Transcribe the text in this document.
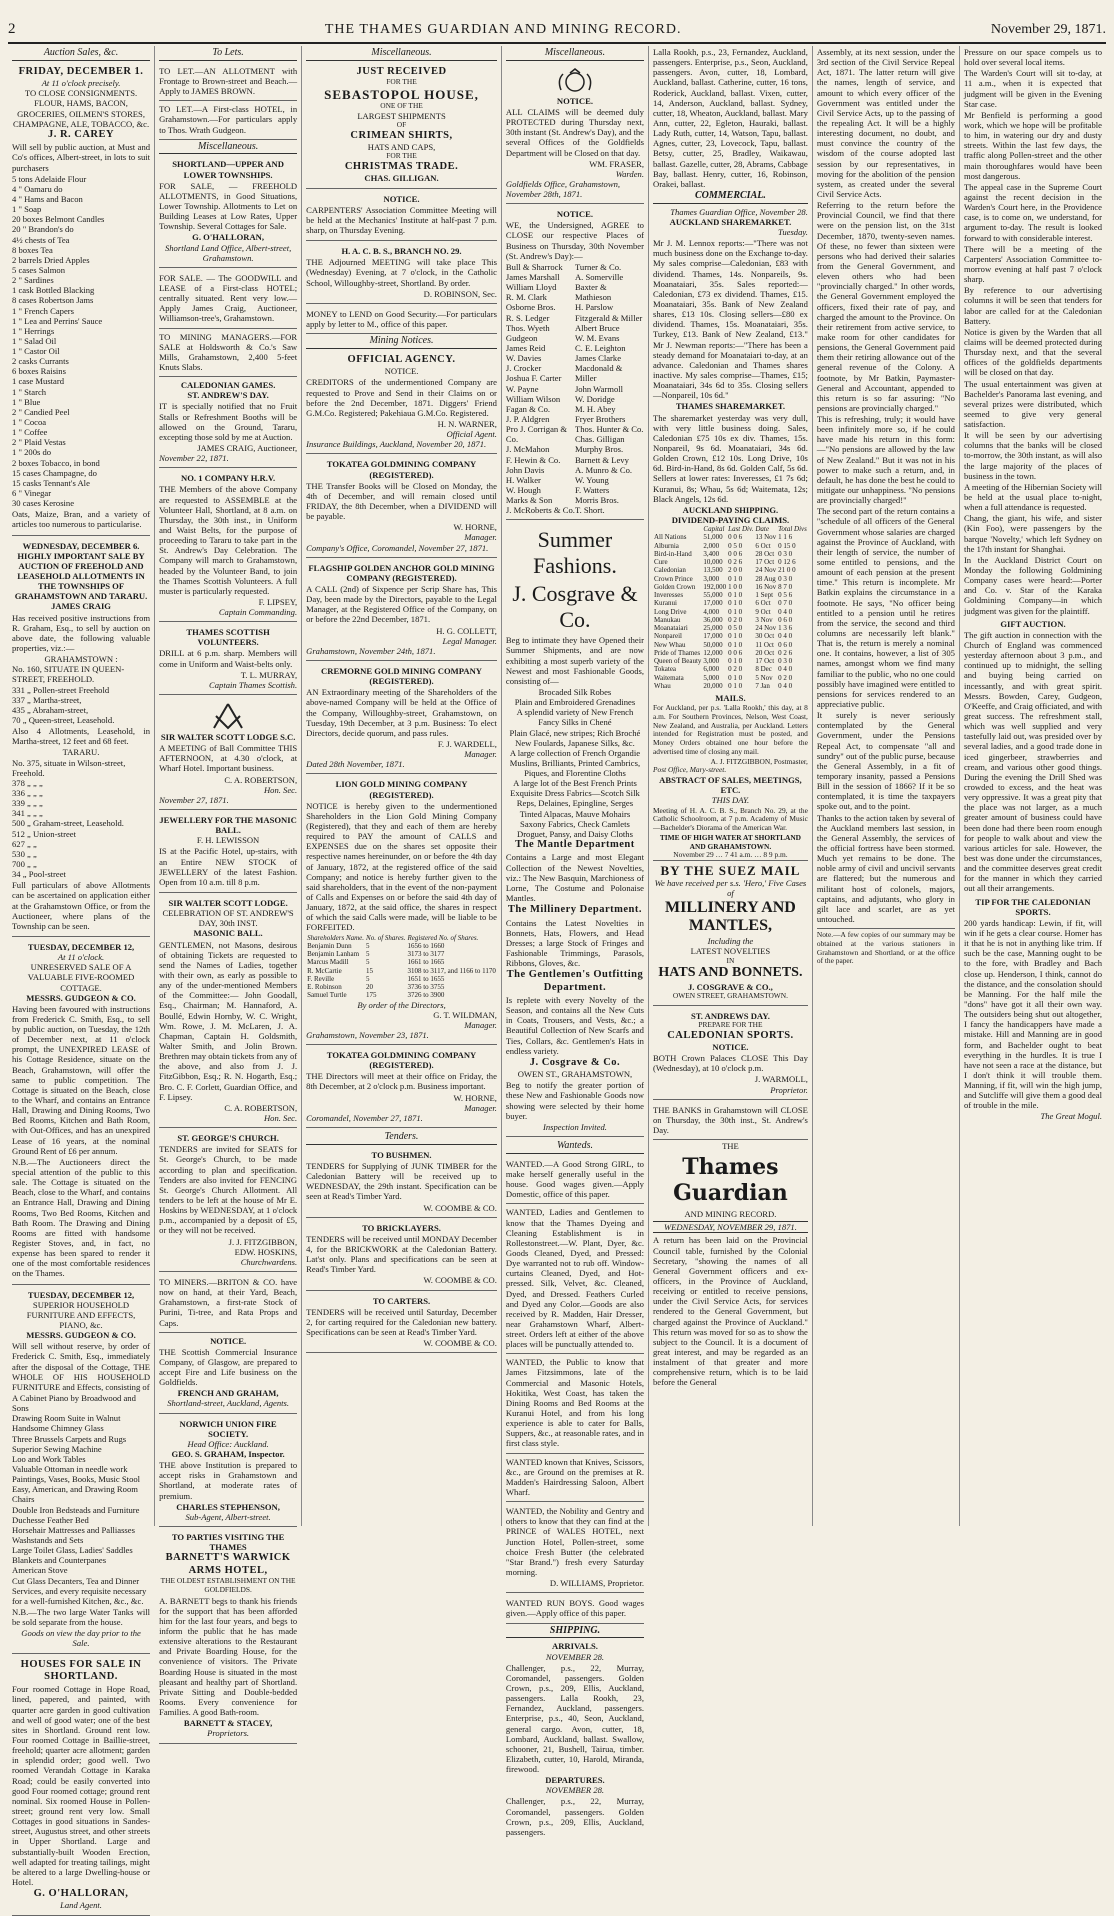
2	THE THAMES GUARDIAN AND MINING RECORD.	November 29, 1871.
Auction Sales, &c.
FRIDAY, DECEMBER 1.
At 11 o'clock precisely.
TO CLOSE CONSIGNMENTS.
FLOUR, HAMS, BACON, GROCERIES, OILMEN'S STORES, CHAMPAGNE, ALE, TOBACCO, &c.
J. R. CAREY
Will sell by public auction, at Must and Co's offices, Albert-street, in lots to suit purchasers
5 tons Adelaide Flour
4 " Oamaru do
4 " Hams and Bacon
1 " Soap
20 boxes Belmont Candles
20 " Brandon's do
4½ chests of Tea
8 boxes Tea
2 barrels Dried Apples
5 cases Salmon
2 " Sardines
1 cask Bottled Blacking
8 cases Robertson Jams
1 " French Capers
1 " Lea and Perrins' Sauce
1 " Herrings
1 " Salad Oil
1 " Castor Oil
2 casks Currants
6 boxes Raisins
1 case Mustard
1 " Starch
1 " Blue
2 " Candied Peel
1 " Cocoa
1 " Coffee
2 " Plaid Vestas
1 " 200s do
2 boxes Tobacco, in bond
15 cases Champagne, do
15 casks Tennant's Ale
6 " Vinegar
30 cases Kerosine
Oats, Maize, Bran, and a variety of articles too numerous to particularise.
WEDNESDAY, DECEMBER 6.
HIGHLY IMPORTANT SALE BY AUCTION OF FREEHOLD AND LEASEHOLD ALLOTMENTS IN THE TOWNSHIPS OF GRAHAMSTOWN AND TARARU.
JAMES CRAIG
Has received positive instructions from R. Graham, Esq., to sell by auction on above date, the following valuable properties, viz.:—
GRAHAMSTOWN :
No. 160, SITUATE IN QUEEN-STREET, FREEHOLD.
331 „ Pollen-street Freehold
337 „ Martha-street,
435 „ Abraham-street,
70 „ Queen-street, Leasehold.
Also 4 Allotments, Leasehold, in Martha-street, 12 feet and 68 feet.
TARARU.
No. 375, situate in Wilson-street, Freehold.
378 „ „ „
336 „ „ „
339 „ „ „
341 „ „ „
500 „ Graham-street, Leasehold.
512 „ Union-street
627 „ „
530 „ „
700 „ „
34 „ Pool-street
Full particulars of above Allotments can be ascertained on application either at the Grahamstown Office, or from the Auctioneer, where plans of the Township can be seen.
TUESDAY, DECEMBER 12,
At 11 o'clock.
UNRESERVED SALE OF A VALUABLE FIVE-ROOMED COTTAGE.
MESSRS. GUDGEON & CO.
Having been favoured with instructions from Frederick C. Smith, Esq., to sell by public auction, on Tuesday, the 12th of December next, at 11 o'clock prompt, the UNEXPIRED LEASE of his Cottage Residence, situate on the Beach, Grahamstown, will offer the same to public competition. The Cottage is situated on the Beach, close to the Wharf, and contains an Entrance Hall, Drawing and Dining Rooms, Two Bed Rooms, Kitchen and Bath Room, with Out-Offices, and has an unexpired Lease of 16 years, at the nominal Ground Rent of £6 per annum.
N.B.—The Auctioneers direct the special attention of the public to this sale. The Cottage is situated on the Beach, close to the Wharf, and contains an Entrance Hall, Drawing and Dining Rooms, Two Bed Rooms, Kitchen and Bath Room. The Drawing and Dining Rooms are fitted with handsome Register Stoves, and, in fact, no expense has been spared to render it one of the most comfortable residences on the Thames.
TUESDAY, DECEMBER 12,
SUPERIOR HOUSEHOLD FURNITURE AND EFFECTS, PIANO, &c.
MESSRS. GUDGEON & CO.
Will sell without reserve, by order of Frederick C. Smith, Esq., immediately after the disposal of the Cottage, THE WHOLE OF HIS HOUSEHOLD FURNITURE and Effects, consisting of
A Cabinet Piano by Broadwood and Sons
Drawing Room Suite in Walnut
Handsome Chimney Glass
Three Brussels Carpets and Rugs
Superior Sewing Machine
Loo and Work Tables
Valuable Ottoman in needle work
Paintings, Vases, Books, Music Stool
Easy, American, and Drawing Room Chairs
Double Iron Bedsteads and Furniture
Duchesse Feather Bed
Horsehair Mattresses and Palliasses
Washstands and Sets
Large Toilet Glass, Ladies' Saddles
Blankets and Counterpanes
American Stove
Cut Glass Decanters, Tea and Dinner Services, and every requisite necessary for a well-furnished Kitchen, &c., &c.
N.B.—The two large Water Tanks will be sold separate from the house.
Goods on view the day prior to the Sale.
HOUSES FOR SALE IN SHORTLAND.
Four roomed Cottage in Hope Road, lined, papered, and painted, with quarter acre garden in good cultivation and well of good water; one of the best sites in Shortland. Ground rent low. Four roomed Cottage in Baillie-street, freehold; quarter acre allotment; garden in splendid order; good well. Two roomed Verandah Cottage in Karaka Road; could be easily converted into good Four roomed cottage; ground rent nominal. Six roomed House in Pollen-street; ground rent very low. Small Cottages in good situations in Sandes-street, Augustus street, and other streets in Upper Shortland. Large and substantially-built Wooden Erection, well adapted for treating tailings, might be altered to a large Dwelling-house or Hotel.
G. O'HALLORAN,
Land Agent.
To Lets.
TO LET.—AN ALLOTMENT with Frontage to Brown-street and Beach.—Apply to JAMES BROWN.
TO LET.—A First-class HOTEL, in Grahamstown.—For particulars apply to Thos. Wrath Gudgeon.
Miscellaneous.
SHORTLAND—UPPER AND LOWER TOWNSHIPS.
FOR SALE, — FREEHOLD ALLOTMENTS, in Good Situations, Lower Township. Allotments to Let on Building Leases at Low Rates, Upper Township. Several Cottages for Sale.
G. O'HALLORAN,
Shortland Land Office, Albert-street, Grahamstown.
FOR SALE. — The GOODWILL and LEASE of a First-class HOTEL; centrally situated. Rent very low.—Apply James Craig, Auctioneer, Williamson-tree's, Grahamstown.
TO MINING MANAGERS.—FOR SALE at Holdsworth & Co.'s Saw Mills, Grahamstown, 2,400 5-feet Knuts Slabs.
CALEDONIAN GAMES.
ST. ANDREW'S DAY.
IT is specially notified that no Fruit Stalls or Refreshment Booths will be allowed on the Ground, Tararu, excepting those sold by me at Auction.
JAMES CRAIG, Auctioneer,
November 22, 1871.
NO. 1 COMPANY H.R.V.
THE Members of the above Company are requested to ASSEMBLE at the Volunteer Hall, Shortland, at 8 a.m. on Thursday, the 30th inst., in Uniform and Waist Belts, for the purpose of proceeding to Tararu to take part in the St. Andrew's Day Celebration. The Company will march to Grahamstown, headed by the Volunteer Band, to join the Thames Scottish Volunteers. A full muster is particularly requested.
F. LIPSEY,
Captain Commanding.
THAMES SCOTTISH VOLUNTEERS.
DRILL at 6 p.m. sharp. Members will come in Uniform and Waist-belts only.
T. L. MURRAY,
Captain Thames Scottish.
SIR WALTER SCOTT LODGE S.C.
A MEETING of Ball Committee THIS AFTERNOON, at 4.30 o'clock, at Wharf Hotel. Important business.
C. A. ROBERTSON,
Hon. Sec.
November 27, 1871.
JEWELLERY FOR THE MASONIC BALL.
F. H. LEWISSON
IS at the Pacific Hotel, up-stairs, with an Entire NEW STOCK of JEWELLERY of the latest Fashion. Open from 10 a.m. till 8 p.m.
SIR WALTER SCOTT LODGE.
CELEBRATION OF ST. ANDREW'S DAY, 30th INST.
MASONIC BALL.
GENTLEMEN, not Masons, desirous of obtaining Tickets are requested to send the Names of Ladies, together with their own, as early as possible to any of the under-mentioned Members of the Committee:— John Goodall, Esq., Chairman; M. Hannaford, A. Boullé, Edwin Hornby, W. C. Wright, Wm. Rowe, J. M. McLaren, J. A. Chapman, Captain H. Goldsmith, Walter Smith, and Jolin Brown. Brethren may obtain tickets from any of the above, and also from J. J. FitzGibbon, Esq.; R. N. Hogarth, Esq.; Bro. C. F. Corlett, Guardian Office, and F. Lipsey.
C. A. ROBERTSON,
Hon. Sec.
ST. GEORGE'S CHURCH.
TENDERS are invited for SEATS for St. George's Church, to be made according to plan and specification. Tenders are also invited for FENCING St. George's Church Allotment. All tenders to be left at the house of Mr E. Hoskins by WEDNESDAY, at 1 o'clock p.m., accompanied by a deposit of £5, or they will not be received.
J. J. FITZGIBBON,
EDW. HOSKINS,
Churchwardens.
TO MINERS.—BRITON & CO. have now on hand, at their Yard, Beach, Grahamstown, a first-rate Stock of Purini, Ti-tree, and Rata Props and Caps.
NOTICE.
THE Scottish Commercial Insurance Company, of Glasgow, are prepared to accept Fire and Life business on the Goldfields.
FRENCH AND GRAHAM,
Shortland-street, Auckland, Agents.
NORWICH UNION FIRE SOCIETY.
Head Office: Auckland.
GEO. S. GRAHAM, Inspector.
THE above Institution is prepared to accept risks in Grahamstown and Shortland, at moderate rates of premium.
CHARLES STEPHENSON,
Sub-Agent, Albert-street.
TO PARTIES VISITING THE THAMES
BARNETT'S WARWICK ARMS HOTEL,
THE OLDEST ESTABLISHMENT ON THE GOLDFIELDS.
A. BARNETT begs to thank his friends for the support that has been afforded him for the last four years, and begs to inform the public that he has made extensive alterations to the Restaurant and Private Boarding House, for the convenience of visitors. The Private Boarding House is situated in the most pleasant and healthy part of Shortland. Private Sitting and Double-bedded Rooms. Every convenience for Families. A good Bath-room.
BARNETT & STACEY,
Proprietors.
Miscellaneous.
JUST RECEIVED
FOR THE
SEBASTOPOL HOUSE,
ONE OF THE
LARGEST SHIPMENTS
OF
CRIMEAN SHIRTS,
HATS AND CAPS,
FOR THE
CHRISTMAS TRADE.
CHAS. GILLIGAN.
NOTICE.
CARPENTERS' Association Committee Meeting will be held at the Mechanics' Institute at half-past 7 p.m. sharp, on Thursday Evening.
H. A. C. B. S., BRANCH NO. 29.
THE Adjourned MEETING will take place This (Wednesday) Evening, at 7 o'clock, in the Catholic School, Willoughby-street, Shortland. By order.
D. ROBINSON, Sec.
MONEY to LEND on Good Security.—For particulars apply by letter to M., office of this paper.
Mining Notices.
OFFICIAL AGENCY.
NOTICE.
CREDITORS of the undermentioned Company are requested to Prove and Send in their Claims on or before the 2nd December, 1871. Diggers' Friend G.M.Co. Registered; Pakehiaua G.M.Co. Registered.
H. N. WARNER,
Official Agent.
Insurance Buildings, Auckland, November 20, 1871.
TOKATEA GOLDMINING COMPANY (REGISTERED).
THE Transfer Books will be Closed on Monday, the 4th of December, and will remain closed until FRIDAY, the 8th December, when a DIVIDEND will be payable.
W. HORNE,
Manager.
Company's Office, Coromandel, November 27, 1871.
FLAGSHIP GOLDEN ANCHOR GOLD MINING COMPANY (REGISTERED).
A CALL (2nd) of Sixpence per Scrip Share has, This Day, been made by the Directors, payable to the Legal Manager, at the Registered Office of the Company, on or before the 22nd December, 1871.
H. G. COLLETT,
Legal Manager.
Grahamstown, November 24th, 1871.
CREMORNE GOLD MINING COMPANY (REGISTERED).
AN Extraordinary meeting of the Shareholders of the above-named Company will be held at the Office of the Company, Willoughby-street, Grahamstown, on Tuesday, 19th December, at 3 p.m. Business: To elect Directors, decide quorum, and pass rules.
F. J. WARDELL,
Manager.
Dated 28th November, 1871.
LION GOLD MINING COMPANY (REGISTERED).
NOTICE is hereby given to the undermentioned Shareholders in the Lion Gold Mining Company (Registered), that they and each of them are hereby required to PAY the amount of CALLS and EXPENSES due on the shares set opposite their respective names hereinunder, on or before the 4th day of January, 1872, at the registered office of the said Company; and notice is hereby further given to the said shareholders, that in the event of the non-payment of Calls and Expenses on or before the said 4th day of January, 1872, at the said office, the shares in respect of which the said Calls were made, will be liable to be FORFEITED.
Shareholders Name.	No. of Shares.	Registered No. of Shares.
Benjamin Dunn	5	1656 to 1660
Benjamin Lanham	5	3173 to 3177
Marcus Madill	5	1661 to 1665
R. McCartie	15	3108 to 3117, and 1166 to 1170
F. Reville	5	1651 to 1655
E. Robinson	20	3736 to 3755
Samuel Turtle	175	3726 to 3900
By order of the Directors,
G. T. WILDMAN,
Manager.
Grahamstown, November 23, 1871.
TOKATEA GOLDMINING COMPANY (REGISTERED).
THE Directors will meet at their office on Friday, the 8th December, at 2 o'clock p.m. Business important.
W. HORNE,
Manager.
Coromandel, November 27, 1871.
Tenders.
TO BUSHMEN.
TENDERS for Supplying of JUNK TIMBER for the Caledonian Battery will be received up to WEDNESDAY, the 29th instant. Specification can be seen at Read's Timber Yard.
W. COOMBE & CO.
TO BRICKLAYERS.
TENDERS will be received until MONDAY December 4, for the BRICKWORK at the Caledonian Battery. Lat'st only. Plans and specifications can be seen at Read's Timber Yard.
W. COOMBE & CO.
TO CARTERS.
TENDERS will be received until Saturday, December 2, for carting required for the Caledonian new battery. Specifications can be seen at Read's Timber Yard.
W. COOMBE & CO.
Miscellaneous.
NOTICE.
ALL CLAIMS will be deemed duly PROTECTED during Thursday next, 30th instant (St. Andrew's Day), and the several Offices of the Goldfields Department will be Closed on that day.
WM. FRASER,
Warden.
Goldfields Office, Grahamstown, November 28th, 1871.
NOTICE.
WE, the Undersigned, AGREE to CLOSE our respective Places of Business on Thursday, 30th November (St. Andrew's Day):—
Bull & Sharrock
James Marshall
William Lloyd
R. M. Clark
Osborne Bros.
R. S. Ledger
Thos. Wyeth Gudgeon
James Reid
W. Davies
J. Crocker
Joshua F. Carter
W. Payne
William Wilson
Fagan & Co.
J. P. Aldgren
Pro J. Corrigan & Co.
J. McMahon
F. Hewin & Co.
John Davis
H. Walker
W. Hough
Marks & Son
J. McRoberts & Co.
Turner & Co.
A. Somerville
Baxter & Mathieson
H. Parslow
Fitzgerald & Miller
Albert Bruce
W. M. Evans
C. E. Leighton
James Clarke
Macdonald & Miller
John Warmoll
W. Doridge
M. H. Abey
Fryer Brothers
Thos. Hunter & Co.
Chas. Gilligan
Murphy Bros.
Barnett & Levy
A. Munro & Co.
W. Young
F. Watters
Morris Bros.
T. Short.
Summer Fashions.
J. Cosgrave & Co.
Beg to intimate they have Opened their Summer Shipments, and are now exhibiting a most superb variety of the Newest and most Fashionable Goods, consisting of—
Brocaded Silk Robes
Plain and Embroidered Grenadines
A splendid variety of New French Fancy Silks in Chené
Plain Glacé, new stripes; Rich Broché
New Foulards, Japanese Silks, &c.
A large collection of French Organdie Muslins, Brilliants, Printed Cambrics, Piques, and Florentine Cloths
A large lot of the Best French Prints
Exquisite Dress Fabrics—Scotch Silk Reps, Delaines, Epingline, Serges
Tinted Alpacas, Mauve Mohairs
Saxony Fabrics, Check Camlets
Droguet, Pansy, and Daisy Cloths
The Mantle Department
Contains a Large and most Elegant Collection of the Newest Novelties, viz.: The New Basquin, Marchioness of Lorne, The Costume and Polonaise Mantles.
The Millinery Department.
Contains the Latest Novelties in Bonnets, Hats, Flowers, and Head Dresses; a large Stock of Fringes and Fashionable Trimmings, Parasols, Ribbons, Gloves, &c.
The Gentlemen's Outfitting Department.
Is replete with every Novelty of the Season, and contains all the New Cuts in Coats, Trousers, and Vests, &c.; a Beautiful Collection of New Scarfs and Ties, Collars, &c. Gentlemen's Hats in endless variety.
J. Cosgrave & Co.
OWEN ST., GRAHAMSTOWN,
Beg to notify the greater portion of these New and Fashionable Goods now showing were selected by their home buyer.
Inspection Invited.
Wanteds.
WANTED.—A Good Strong GIRL, to make herself generally useful in the house. Good wages given.—Apply Domestic, office of this paper.
WANTED, Ladies and Gentlemen to know that the Thames Dyeing and Cleaning Establishment is in Rollestonstreet.—W. Plant, Dyer, &c. Goods Cleaned, Dyed, and Pressed: Dye warranted not to rub off. Window-curtains Cleaned, Dyed, and Hot-pressed. Silk, Velvet, &c. Cleaned, Dyed, and Dressed. Feathers Curled and Dyed any Color.—Goods are also received by R. Madden, Hair Dresser, near Grahamstown Wharf, Albert-street. Orders left at either of the above places will be punctually attended to.
WANTED, the Public to know that James Fitzsimmons, late of the Commercial and Masonic Hotels, Hokitika, West Coast, has taken the Dining Rooms and Bed Rooms at the Kuranui Hotel, and from his long experience is able to cater for Balls, Suppers, &c., at reasonable rates, and in first class style.
WANTED known that Knives, Scissors, &c., are Ground on the premises at R. Madden's Hairdressing Saloon, Albert Wharf.
WANTED, the Nobility and Gentry and others to know that they can find at the PRINCE of WALES HOTEL, next Junction Hotel, Pollen-street, some choice Fresh Butter (the celebrated "Star Brand.") fresh every Saturday morning.
D. WILLIAMS, Proprietor.
WANTED RUN BOYS. Good wages given.—Apply office of this paper.
SHIPPING.
ARRIVALS.
NOVEMBER 28.
Challenger, p.s., 22, Murray, Coromandel, passengers. Golden Crown, p.s., 209, Ellis, Auckland, passengers. Lalla Rookh, 23, Fernandez, Auckland, passengers. Enterprise, p.s., 40, Seon, Auckland, general cargo. Avon, cutter, 18, Lombard, Auckland, ballast. Swallow, schooner, 21, Bushell, Tairua, timber. Elizabeth, cutter, 10, Harold, Miranda, firewood.
DEPARTURES.
NOVEMBER 28.
Challenger, p.s., 22, Murray, Coromandel, passengers. Golden Crown, p.s., 209, Ellis, Auckland, passengers.
Lalla Rookh, p.s., 23, Fernandez, Auckland, passengers. Enterprise, p.s., Seon, Auckland, passengers. Avon, cutter, 18, Lombard, Auckland, ballast. Catherine, cutter, 16 tons, Roderick, Auckland, ballast. Vixen, cutter, 14, Anderson, Auckland, ballast. Sydney, cutter, 18, Wheaton, Auckland, ballast. Mary Ann, cutter, 22, Egleton, Hauraki, ballast. Lady Ruth, cutter, 14, Watson, Tapu, ballast. Agnes, cutter, 23, Lovecock, Tapu, ballast. Betsy, cutter, 25, Bradley, Waikawau, ballast. Gazelle, cutter, 28, Abrams, Cabbage Bay, ballast. Henry, cutter, 16, Robinson, Orakei, ballast.
COMMERCIAL.
Thames Guardian Office, November 28.
AUCKLAND SHAREMARKET.
Tuesday.
Mr J. M. Lennox reports:—"There was not much business done on the Exchange to-day. My sales comprise—Caledonian, £83 with dividend. Thames, 14s. Nonpareils, 9s. Moanataiari, 35s. Sales reported:— Caledonian, £73 ex dividend. Thames, £15. Moanataiari, 35s. Bank of New Zealand shares, £13 10s. Closing sellers—£80 ex dividend. Thames, 15s. Moanataiari, 35s. Turkey, £13. Bank of New Zealand, £13." Mr J. Newman reports:—"There has been a steady demand for Moanataiari to-day, at an advance. Caledonian and Thames shares inactive. My sales comprise—Thames, £15; Moanataiari, 34s 6d to 35s. Closing sellers—Nonpareil, 10s 6d."
THAMES SHAREMARKET.
The sharemarket yesterday was very dull, with very little business doing. Sales, Caledonian £75 10s ex div. Thames, 15s. Nonpareil, 9s 6d. Moanataiari, 34s 6d. Golden Crown, £12 10s. Long Drive, 10s 6d. Bird-in-Hand, 8s 6d. Golden Calf, 5s 6d. Sellers at lower rates: Inveresses, £1 7s 6d; Kuranui, 8s; Whau, 5s 6d; Waitemata, 12s; Black Angels, 12s 6d.
AUCKLAND SHIPPING.
DIVIDEND-PAYING CLAIMS.
	Capital	Last Div.	Date	Total Divs
All Nations	51,000	0 0 6	13 Nov	1 1 6
Alburnia	2,000	0 5 0	6 Oct	0 15 0
Bird-in-Hand	3,400	0 0 6	28 Oct	0 3 0
Cure	10,000	0 2 6	17 Oct	0 12 6
Caledonian	13,500	2 0 0	24 Nov	21 0 0
Crown Prince	3,000	0 1 0	28 Aug	0 3 0
Golden Crown	192,000	1 0 0	16 Nov	8 7 0
Inveresses	55,000	0 1 0	1 Sept	0 5 6
Kuranui	17,000	0 1 0	6 Oct	0 7 0
Long Drive	4,000	0 1 0	9 Oct	0 4 0
Manukau	36,000	0 2 0	3 Nov	0 6 0
Moanataiari	25,000	0 5 0	24 Nov	1 3 6
Nonpareil	17,000	0 1 0	30 Oct	0 4 0
New Whau	50,000	0 1 0	11 Oct	0 6 0
Pride of Thames	12,000	0 0 6	20 Oct	0 2 6
Queen of Beauty	3,000	0 1 0	17 Oct	0 3 0
Tokatea	6,000	0 2 0	8 Dec	0 4 0
Waitemata	5,000	0 1 0	5 Nov	0 2 0
Whau	20,000	0 1 0	7 Jan	0 4 0
MAILS.
For Auckland, per p.s. 'Lalla Rookh,' this day, at 8 a.m. For Southern Provinces, Nelson, West Coast, New Zealand, and Australia, per Auckland. Letters intended for Registration must be posted, and Money Orders obtained one hour before the advertised time of closing any mail.
A. J. FITZGIBBON, Postmaster,
Post Office, Mary-street.
ABSTRACT OF SALES, MEETINGS, ETC.
THIS DAY.
Meeting of H. A. C. B. S., Branch No. 29, at the Catholic Schoolroom, at 7 p.m. Academy of Music—Bachelder's Diorama of the American War.
TIME OF HIGH WATER AT SHORTLAND AND GRAHAMSTOWN.
November 29 … 7 41 a.m. … 8 9 p.m.
BY THE SUEZ MAIL
We have received per s.s. 'Hero,' Five Cases of
MILLINERY AND MANTLES,
Including the
LATEST NOVELTIES
IN
HATS AND BONNETS.
J. COSGRAVE & CO.,
OWEN STREET, GRAHAMSTOWN.
ST. ANDREWS DAY.
PREPARE FOR THE
CALEDONIAN SPORTS.
NOTICE.
BOTH Crown Palaces CLOSE This Day (Wednesday), at 10 o'clock p.m.
J. WARMOLL,
Proprietor.
THE BANKS in Grahamstown will CLOSE on Thursday, the 30th inst., St. Andrew's Day.
THE
Thames Guardian
AND MINING RECORD.
WEDNESDAY, NOVEMBER 29, 1871.
A return has been laid on the Provincial Council table, furnished by the Colonial Secretary, "showing the names of all General Government officers and ex-officers, in the Province of Auckland, receiving or entitled to receive pensions, under the Civil Service Acts, for services rendered to the General Government, but charged against the Province of Auckland." This return was moved for so as to show the subject to the Council. It is a document of great interest, and may be regarded as an instalment of that greater and more comprehensive return, which is to be laid before the General
Assembly, at its next session, under the 3rd section of the Civil Service Repeal Act, 1871. The latter return will give the names, length of service, and amount to which every officer of the Government was entitled under the Civil Service Acts, up to the passing of the repealing Act. It will be a highly interesting document, no doubt, and must convince the country of the wisdom of the course adopted last session by our representatives, in moving for the abolition of the pension system, as created under the several Civil Service Acts.
Referring to the return before the Provincial Council, we find that there were on the pension list, on the 31st December, 1870, twenty-seven names. Of these, no fewer than sixteen were persons who had derived their salaries from the General Government, and eleven others who had been "provincially charged." In other words, the General Government employed the officers, fixed their rate of pay, and charged the amount to the Province. On their retirement from active service, to make room for other candidates for pensions, the General Government paid them their retiring allowance out of the general revenue of the Colony. A footnote, by Mr Batkin, Paymaster-General and Accountant, appended to this return is so far assuring: "No pensions are provincially charged."
This is refreshing, truly; it would have been infinitely more so, if he could have made his return in this form:—"No pensions are allowed by the law of New Zealand." But it was not in his power to make such a return, and, in default, he has done the best he could to mitigate our unhappiness. "No pensions are provincially charged!"
The second part of the return contains a "schedule of all officers of the General Government whose salaries are charged against the Province of Auckland, with their length of service, the number of some entitled to pensions, and the amount of each pension at the present time." This return is incomplete. Mr Batkin explains the circumstance in a footnote. He says, "No officer being entitled to a pension until he retires from the service, the second and third columns are necessarily left blank." That is, the return is merely a nominal one. It contains, however, a list of 305 names, amongst whom we find many familiar to the public, who no one could possibly have imagined were entitled to pensions for services rendered to an appreciative public.
It surely is never seriously contemplated by the General Government, under the Pensions Repeal Act, to compensate "all and sundry" out of the public purse, because the General Assembly, in a fit of temporary insanity, passed a Pensions Bill in the session of 1866? If it be so contemplated, it is time the taxpayers spoke out, and to the point.
Thanks to the action taken by several of the Auckland members last session, in the General Assembly, the services of the official fortress have been stormed. Much yet remains to be done. The noble army of civil and uncivil servants are flattered; but the numerous and militant host of colonels, majors, captains, and adjutants, who glory in gilt lace and scarlet, are as yet untouched.
Note.—A few copies of our summary may be obtained at the various stationers in Grahamstown and Shortland, or at the office of the paper.
Pressure on our space compels us to hold over several local items.
The Warden's Court will sit to-day, at 11 a.m., when it is expected that judgment will be given in the Evening Star case.
Mr Benfield is performing a good work, which we hope will be profitable to him, in watering our dry and dusty streets. Within the last few days, the traffic along Pollen-street and the other main thoroughfares would have been most dangerous.
The appeal case in the Supreme Court against the recent decision in the Warden's Court here, in the Providence case, is to come on, we understand, for argument to-day. The result is looked forward to with considerable interest.
There will be a meeting of the Carpenters' Association Committee to-morrow evening at half past 7 o'clock sharp.
By reference to our advertising columns it will be seen that tenders for labor are called for at the Caledonian Battery.
Notice is given by the Warden that all claims will be deemed protected during Thursday next, and that the several offices of the goldfields departments will be closed on that day.
The usual entertainment was given at Bachelder's Panorama last evening, and several prizes were distributed, which seemed to give very general satisfaction.
It will be seen by our advertising columns that the banks will be closed to-morrow, the 30th instant, as will also the large majority of the places of business in the town.
A meeting of the Hibernian Society will be held at the usual place to-night, when a full attendance is requested.
Chang, the giant, his wife, and sister (Kin Foo), were passengers by the barque 'Novelty,' which left Sydney on the 17th instant for Shanghai.
In the Auckland District Court on Monday the following Goldmining Company cases were heard:—Porter and Co. v. Star of the Karaka Goldmining Company—in which judgment was given for the plaintiff.
GIFT AUCTION.
The gift auction in connection with the Church of England was commenced yesterday afternoon about 3 p.m., and continued up to midnight, the selling and buying being carried on incessantly, and with great spirit. Messrs. Bowden, Carey, Gudgeon, O'Keeffe, and Craig officiated, and with great success. The refreshment stall, which was well supplied and very tastefully laid out, was presided over by several ladies, and a good trade done in iced gingerbeer, strawberries and cream, and various other good things. During the evening the Drill Shed was crowded to excess, and the heat was very oppressive. It was a great pity that the place was not larger, as a much greater amount of business could have been done had there been room enough for people to walk about and view the various articles for sale. However, the best was done under the circumstances, and the committee deserves great credit for the manner in which they carried out all their arrangements.
TIP FOR THE CALEDONIAN SPORTS.
200 yards handicap: Lewin, if fit, will win if he gets a clear course. Homer has it that he is not in anything like trim. If such be the case, Manning ought to be to the fore, with Bradley and Bach close up. Henderson, I think, cannot do the distance, and the consolation should be Manning. For the half mile the "dons" have got it all their own way. The outsiders being shut out altogether, I fancy the handicappers have made a mistake. Hill and Manning are in good form, and Bachelder ought to beat everything in the hurdles. It is true I have not seen a race at the distance, but I don't think it will trouble them. Manning, if fit, will win the high jump, and Sutcliffe will give them a good deal of trouble in the mile.
The Great Mogul.
